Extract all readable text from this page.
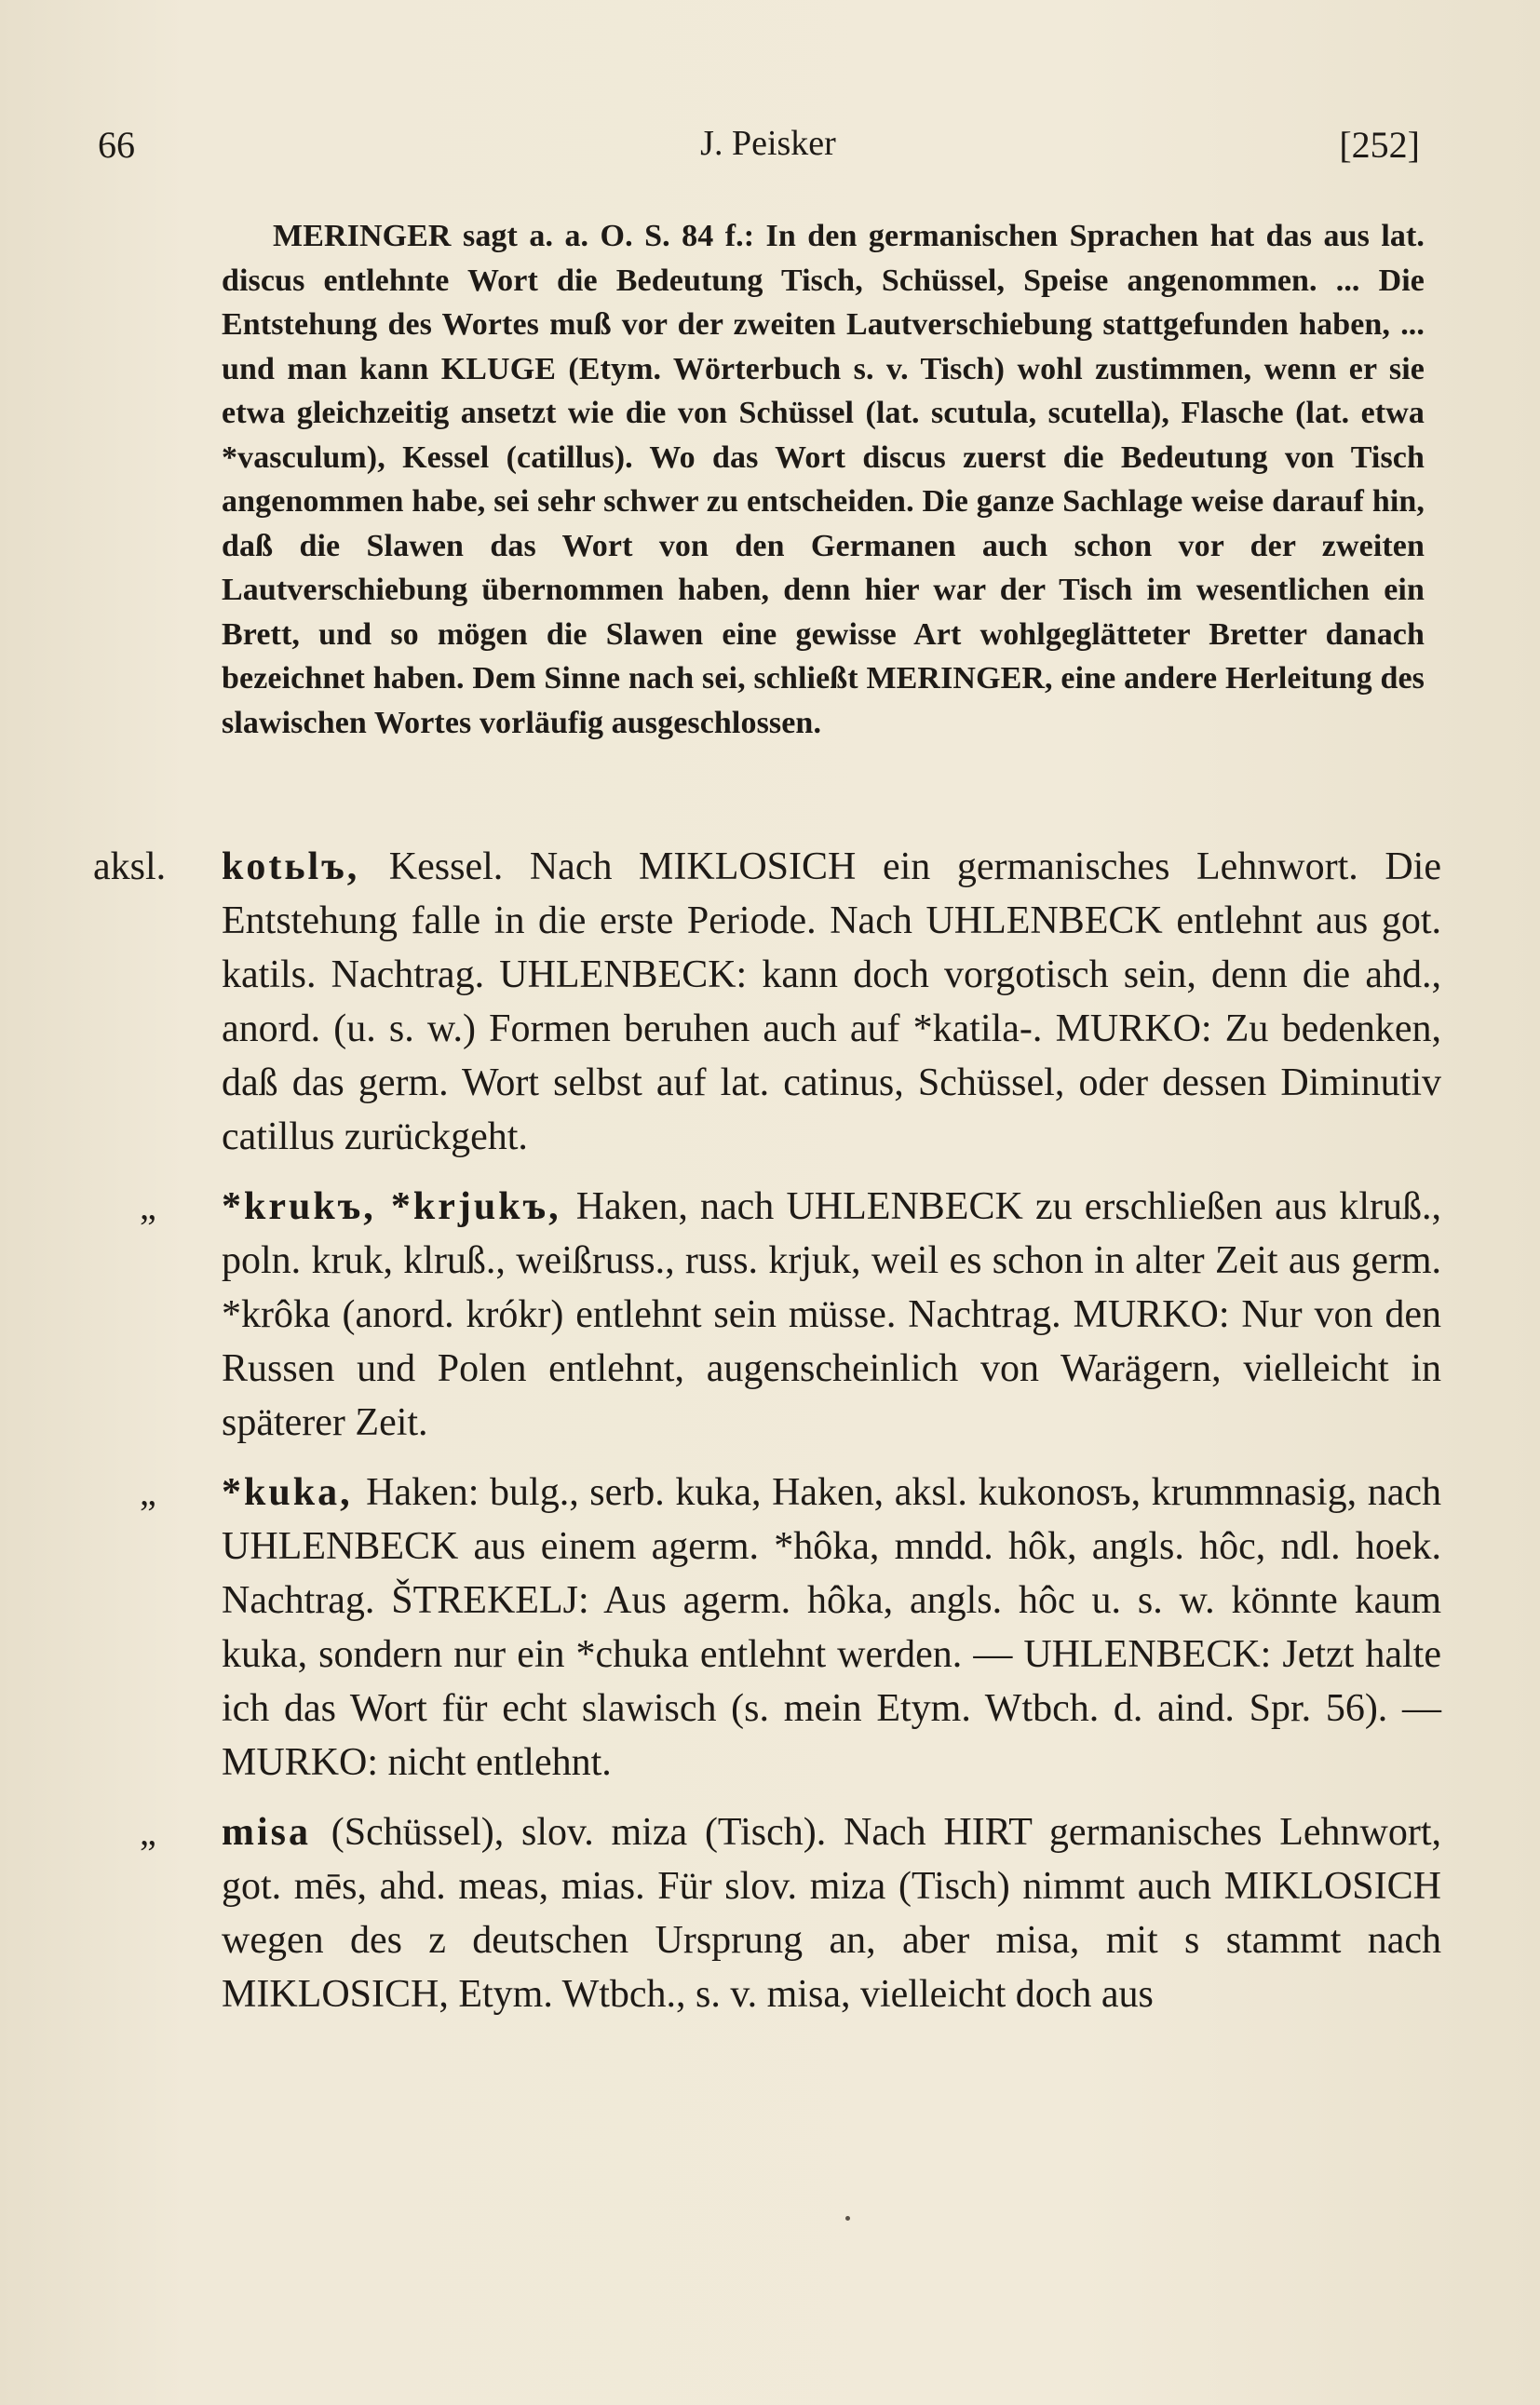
66	J. Peisker	[252]

MERINGER sagt a. a. O. S. 84 f.: In den germanischen Sprachen hat das aus lat. discus entlehnte Wort die Bedeutung Tisch, Schüssel, Speise angenommen. ... Die Entstehung des Wortes muß vor der zweiten Lautverschiebung stattgefunden haben, ... und man kann KLUGE (Etym. Wörterbuch s. v. Tisch) wohl zustimmen, wenn er sie etwa gleichzeitig ansetzt wie die von Schüssel (lat. scutula, scutella), Flasche (lat. etwa *vasculum), Kessel (catillus). Wo das Wort discus zuerst die Bedeutung von Tisch angenommen habe, sei sehr schwer zu entscheiden. Die ganze Sachlage weise darauf hin, daß die Slawen das Wort von den Germanen auch schon vor der zweiten Lautverschiebung übernommen haben, denn hier war der Tisch im wesentlichen ein Brett, und so mögen die Slawen eine gewisse Art wohlgeglätteter Bretter danach bezeichnet haben. Dem Sinne nach sei, schließt MERINGER, eine andere Herleitung des slawischen Wortes vorläufig ausgeschlossen.

aksl. kotьlъ, Kessel. Nach MIKLOSICH ein germanisches Lehnwort. Die Entstehung falle in die erste Periode. Nach UHLENBECK entlehnt aus got. katils. Nachtrag. UHLENBECK: kann doch vorgotisch sein, denn die ahd., anord. (u. s. w.) Formen beruhen auch auf *katila-. MURKO: Zu bedenken, daß das germ. Wort selbst auf lat. catinus, Schüssel, oder dessen Diminutiv catillus zurückgeht.
„ *krukъ, *krjukъ, Haken, nach UHLENBECK zu erschließen aus klruß., poln. kruk, klruß., weißruss., russ. krjuk, weil es schon in alter Zeit aus germ. *krôka (anord. krókr) entlehnt sein müsse. Nachtrag. MURKO: Nur von den Russen und Polen entlehnt, augenscheinlich von Warägern, vielleicht in späterer Zeit.
„ *kuka, Haken: bulg., serb. kuka, Haken, aksl. kukonosъ, krummnasig, nach UHLENBECK aus einem agerm. *hôka, mndd. hôk, angls. hôc, ndl. hoek. Nachtrag. ŠTREKELJ: Aus agerm. hôka, angls. hôc u. s. w. könnte kaum kuka, sondern nur ein *chuka entlehnt werden. — UHLENBECK: Jetzt halte ich das Wort für echt slawisch (s. mein Etym. Wtbch. d. aind. Spr. 56). — MURKO: nicht entlehnt.
„ misa (Schüssel), slov. miza (Tisch). Nach HIRT germanisches Lehnwort, got. mēs, ahd. meas, mias. Für slov. miza (Tisch) nimmt auch MIKLOSICH wegen des z deutschen Ursprung an, aber misa, mit s stammt nach MIKLOSICH, Etym. Wtbch., s. v. misa, vielleicht doch aus
